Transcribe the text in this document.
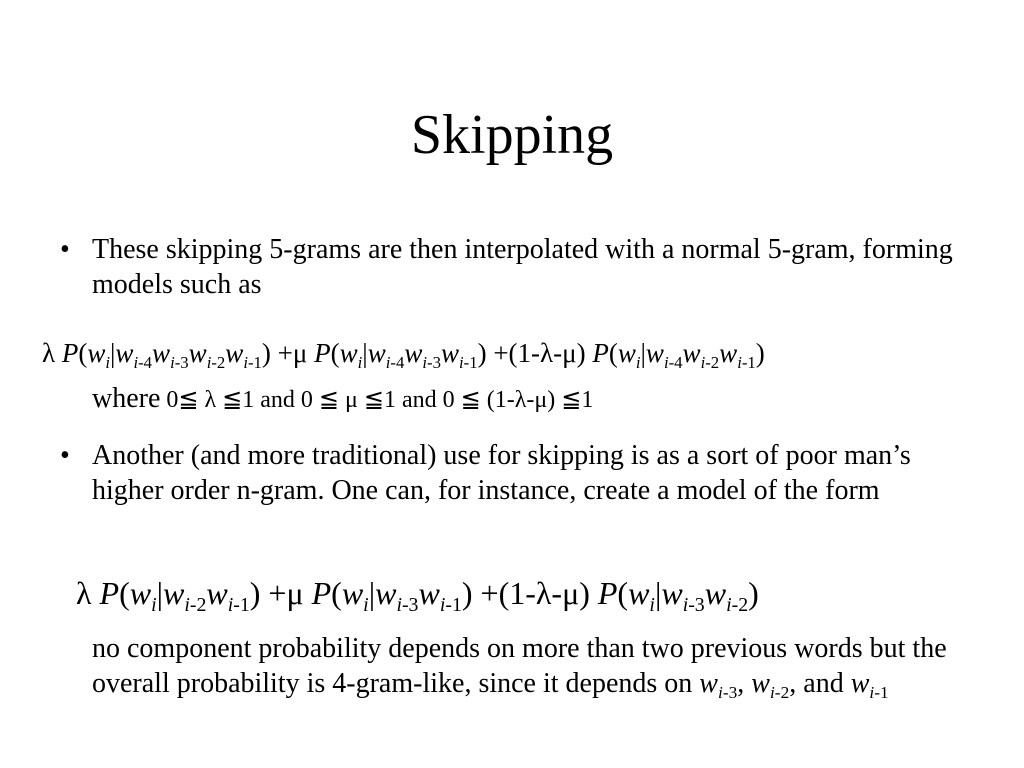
Skipping
• These skipping 5-grams are then interpolated with a normal 5-gram, forming models such as
λ $P(w_i|w_{i-4}w_{i-3}w_{i-2}w_{i-1}) +\mu$ $P(w_i|w_{i-4}w_{i-3}w_{i-1}) +(1-\lambda-\mu)$ $P(w_i|w_{i-4}w_{i-2}w_{i-1})$
where 0≦ λ ≦1 and 0 ≦ μ ≦1 and 0 ≦ (1-λ-μ) ≦1
• Another (and more traditional) use for skipping is as a sort of poor man’s higher order n-gram. One can, for instance, create a model of the form
λ $P(w_i|w_{i-2}w_{i-1}) +\mu$ $P(w_i|w_{i-3}w_{i-1}) +(1-\lambda-\mu)$ $P(w_i|w_{i-3}w_{i-2})$
no component probability depends on more than two previous words but the overall probability is 4-gram-like, since it depends on $w_{i-3}$, $w_{i-2}$, and $w_{i-1}$
